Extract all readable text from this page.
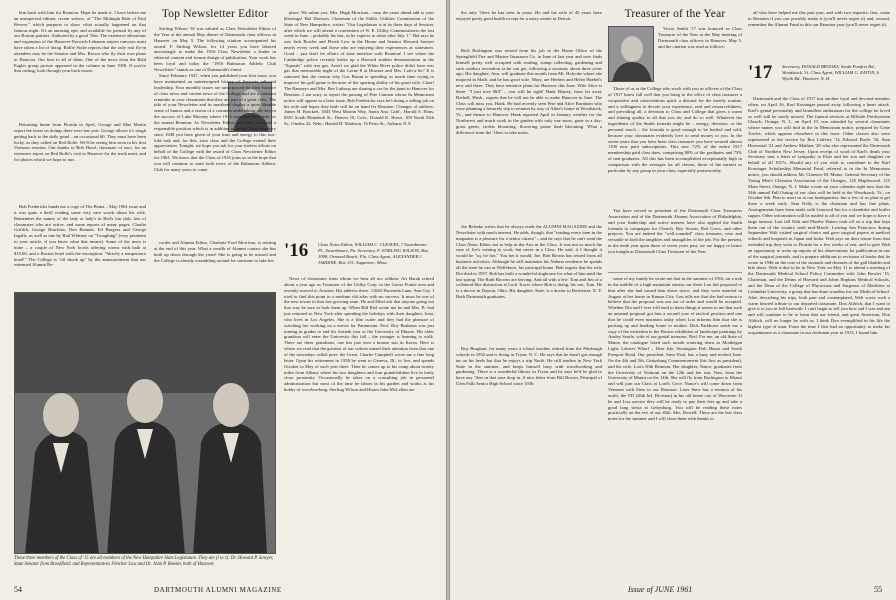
him back with him for Reunion. Hope he made it. I have before me an unexpected edition, recent writers, of "The Midnight Ride of Paul Revere," which purports to show what actually happened on that famous night. It's an amusing epic and available for perusal by any of our Boston patriots. Authored by a good '16er. The extensive alterations and expansion of the Hanover-Norwich-Lebanon airport runways must have taken a lot of doing. Rollie Stoke reports that the only real fly-in attendees may be the Senator and Mrs. Brown who fly their own plane to Hanover. Our best to all of them. One of the news from the Bald Eagles group picture appeared in the column in June 1958. If you've that cutting, look through your back issues.

Returning home from Florida in April, George and Mae Martin report the latest on doings there over last year. George allows it's tough getting back to the daily grind – an occasional 60. They must have been lucky, as they called on Red Rolfe. We'll be seeing him soon in his first Vermont reunion. Our thanks to Bob Hood, classmate of ours, for an extensive report on Red Rolfe's visit to Hanover for the track meet, and for photos which we hope to run.

Bob Fredericks hands me a copy of The Bema – May 1961 issue and it was quite a thrill reading some very nice words about his wife. Remember the names of the lady or lady's in Red's fan club, lots of classmates who are active, and some reports of many pages. Charlie Griffith, George Hutchins, Don Bennett, Ed Burgess and George Ingalls, as well as one by Bud Whitney on "Troughing" (very pertinent to your article, if you know what that means). Some of the news is mine – a couple of New York locals offering rooms with bath at $10.00, and a Boston hotel with the inscription: "Strictly a temperance hotel!" The College is "all shook up" by the announcement that our esteemed Alumni Re-

corder and Alumni Editor, Charlotte Ford Morrison, is retiring at the end of this year. What a wealth of Alumni contact she has built up down through the years! She is going to be missed and the College is already scrambling around for someone to take her

Top Newsletter Editor

Stirling Wilson '16 was saluted as Class Newsletter Editor of the Year at the annual May dinner of Dartmouth class officers in Hanover on May 5. The following citation accompanied his award: F. Stirling Wilson, for 14 years you have labored unceasingly to make the 1916 Class Newsletter a leader in editorial content and format design of publication. Your work has been loyal and today the "1916 Bulmacan Athletic Club Newsletter" stands as one of Dartmouth's finest.

Since February 1947, when you published your first issue, you have maintained an uninterrupted history of first-rate editorial leadership. Your monthly issues are unsurpassed for their balance of class news and current news of the College and are a constant reminder to your classmates that they are part of a great class. The title of your Newsletter and its masthead display a quiet likeable sense of humor and a vision of a common undertaking: the key to the success of Lake Mooney where 1916 members have met for the annual Reunion. As Newsletter Editor, you have assumed a responsible position which is in addition to being Class Secretary since 1948 you have given of your time and energy to this two-fold task and, for this, your class and the College extend their appreciation. Tonight, we hope you ask for your tireless efforts on behalf of the College with the award of Class Newsletter Editor for 1961. We know that the Class of 1916 joins us in the hope that you will continue to send forth news of the Bulmacan Athletic Club for many years to come.

place. We salute you, Mrs. Hugh Morrison – may the years ahead add to your blessings! Hal Davison, Chairman of the Public Utilities Commission of the State of New Hampshire, writes: "Our Legislature is at its three days of Session, after which we will attend a convention of N. E. Utility Commissioners the last week in June – probably his last, as he expects to retire after July 1." Hal says he saw Jack Bowler and Fletch Low in the House and Senator Howard Sawyer nearly every week and those who are enjoying their experiences as statesmen. Good – just don't let affairs of state interfere with Reunion! I see where the Cambridge police recently broke up a Harvard student demonstration in the "Squeals" with tear gas. Aren't we glad the White River police didn't have tear gas that memorable night of the Lorne 8 at Hosmer and Mrs. Loth-a-lot? It is rumored that the reason why Gus Bruun is spending so much time trying to improve his golf game is because of the sporting ability of his good wife, Clara! The Ramseys and Mrs. Bev Lathrop are sharing a car for the jaunt to Hanover for Reunion. I am sorry to report the passing of Pete Cannon whose In Memoriam notice will appear in a later issue. Bob Fredericks says he's doing a selling job on his wife and hopes they both will be on hand for Reunion. Changes of address: James H. Brackett, 1843 West Marion Way, Santa Ana, Calif.; Harold S. Elms, 8391 South Rhinebolt St., Denver 10, Colo.; Donald K. Howe, 109 North 55th St., Omaha 32, Nebr.; Harold H. Mattison, 16 Petro St., Auburn, N.Y.

'16 Class Notes Editor, WILLIAM C. CLEAVES, 7 Swarthmore Pl., Swarthmore, Pa. Secretary, F. STIRLING WILSON, Box 1998, Ormond Beach, Fla. Class Agent, ALEXANDER J. JARDINE, Box 131, Sagamore, Mass.

News of classmates from whom we hear all too seldom: Art Barak retired about a year ago as Treasurer of the Utility Corp. in the Goose Pointe area and recently moved to Arizona. His address there: 11663 Hacienda Lane, Sun City. I tried to find this point in a medium old atlas with no success. It must be one of the new towns in that fast growing state. He and Ethel ask that anyone going out that way be sure to look them up. When Bill Biel wrote me he and Mrs. B. had just returned to New York after spending the holidays with their daughter, Joan, who lives in Los Angeles. She is a film cutter and they had the pleasure of watching her working on a movie for Paramount. Prof. Roy Brahams was just turning in grades to end his fortieth year at the University of Illinois. His older grandson will enter the University this fall – the younger is learning to walk. There are three grandsons, one has just won a bronze star in Korea. Here is where we read that the greatest of our writers turned their attention from that one of the nowadays called poet: the Great. Charlie Campbell wrote me a fine long letter. Upon his retirement in 1958 he went to Geneva, Ill., to live, and spends October to May of each year there. Then he comes up to his camp about twenty miles from Albany where his two daughters and four grandchildren live in fairly close proximity. Occasionally he takes on a consulting job in personnel administration but most of the time he labors in his garden and works at his hobby of woodworking. Sterling Wilson and Hiram John McLellan are

These three members of the Class of '15 are all members of the New Hampshire State Legislature. They are (l to r): Dr. Howard P. Sawyer, State Senator from Brookfield; and Representatives Fletcher Low and Dr. John P. Bowler, both of Hanover.
54	DARTMOUTH ALUMNI MAGAZINE

the only '16ers he has seen in years. He and his wife of 45 years have enjoyed pretty good health except for a nasty winter in Detroit.

Rich Burlington was retired from his job in the Home Office of the Springfield Fire and Marine Insurance Co. in June of last year and now finds himself pretty well occupied with reading, stamp collecting, gardening and such outdoor recreation as he can get, following a coronary about three years ago. His daughter, Ann, will graduate this month from Mt. Holyoke where she majored in Math. and he has good wife, Mary, are Herbert and Helen Haebel's new and there. They have tentative plans for Hanover this June. Wife Alice is there: "I just love Bill" – you will be right! Hank Blaney, from far away Bothell, Wash., regrets that he will not be able to make Hanover in June. The Class will miss you, Hank. He had recently seen Pete and Alice Burnham who were planning a leisurely trip to reunion by way of Aline's home in Woodstock, Vt., and thence to Hanover. Hank reported April in January weather for the Northwest and much work in the garden with only one snow, gone in a day: grass green, violets blooming, flowering prune bush blooming. What a difference from the '16ers to take notes.

Joe Belsake writes that he always reads the ALUMNI MAGAZINE and the Newsletter with much interest. He adds, though, that "reading every item in the magazine is a pleasure for a senior citizen" – and he says that he can't send the Class Notes Editor not to help in the Arts in the Class. It was not so much the ease of Joe's coming to work, but never in a Class. He said, if I thought it would be "sq. be fun." You bet it would, Joe. Bob Brown has retired from all business activities. Although he still maintains his Nahma residence he spends all the time he can at Wolfeboro, his principal home. Bob regrets that his wife Dot died in 1957. Bob has built a wonderful doghouse for what of him until the last spring. The Ruth Browns are leaving. And all with a few. Tom and Jim of a collateral-like distinction at Lock Tower where Bob is doing, his son, Tom. He is a doctor in Dayton, Ohio. His daughter, Kate, is a doctor in Rochester, N. Y. Both Dartmouth graduates.

Roy Burghart, for many years a school teacher, retired from the Pittsburgh schools in 1952 and is living in Tryon, N. C. He says that he hasn't got enough tar on his heels but that he enjoys a trip North. He still teaches in New York State in the summer, and keeps himself busy with woodworking and gardening. There is a wonderful library in Tryon and he says he'd be glad to have any '16er in that area drop in. A nice letter from Bill Brown, Principal of Glen Falls Senior High School since 1936.

Treasurer of the Year

Victor Smith '17 was honored as Class Treasurer of the Year at the May meeting of Dartmouth class officers in Hanover, May 5, and the citation was read as follows:

Those of us at the College who work with you as officers of the Class of 1917 know full well that you bring to the office of class treasurer a cooperative and conscientious spirit, a distaste for the merely routine, and a willingness to devote your experience, zeal and resourcefulness, and prevailing all, a devotion to Class and College that gives a warm and shining quality to all that you do, and do so well. Whatever the ingredients of the Smith formula might be – energy, devotion, or the personal touch – the formula is good enough to be bottled and sold, because your classmates evidently love to send money to you. In the seven years that you have been class treasurer you have secured almost 1100 new paid subscriptions. This new 72% of the entire 1917 membership paid class dues, comprising 80% of the graduates and 73% of non-graduates. All this has been accomplished exceptionally high in comparison with the averages for all classes, those of the earnest or particular by any group in your class, especially praiseworthy.

You have served as president of the Dartmouth Class Treasurers Association and of the Dartmouth Alumni Association of Philadelphia, and your leadership and active interest have also applied the Smith formula to campaigns for Church, Boy Scouts, Red Cross, and other projects. You are indeed the "well-rounded" class treasurer, wise and versatile in both the tangibles and intangibles of the job. For the present, in the tenth year upon those of seven years past, we are happy to honor you tonight as Dartmouth Class Treasurer of the Year.

some of my family he wrote me that in the summer of 1916, on a trek in the middle of a high mountain stream our there Lou hid proposed to him after she had turned him down twice, and they were married in August at her home in Kansas City. Lou tells me that she had reason to believe that the proposal was not out of order and would be accepted. Whether Dix and I ever will tend to these things it seems to me that such an unusual proposal got him a second year of tactical position and one that he could even maintain today when Lou informs him that she is packing up and heading home to mother. Dick Parkhurst sends me a copy of the invitation to the Boston exhibition of landscape paintings by Ansley Searle, wife of our genial treasurer, Rod. For me, an old State of Maine, the catalogue listed such mouth watering items as Monhegan Light, Lobster Wharf – Deer Isle, Stonington Fish House and South Freeport Road. Our president, Stew Paul, has a busy and invited June. On the 4th and 5th, Gettysburg Commencement (his first as president), and his wife, Lou's 50th Reunion. Her daughter, Nance, graduates from the University of Vermont on the 12th and her son, Tom, from the University of Miami on the 14th. She will fly from Burlington to Miami and will join our Class at Lord's Cove. Nance's will come down from Vermont with Stew to our Reunion. Later Stew has a reunion of his outfit, the YD (26th Inf. Division) in his old home city of Worcester. If he and Lou survive they will be ready to pay their feet up and take a good long siesta at Gettysburg. You will be reading these notes practically on the eve of our 45th. Mrs. Rowell: These are the last class notes for the summer and I will close them with thanks to

all who have helped me this past year, and with two requests: first, come to Reunion if you can possibly make it (you'll never regret it) and, second, remember the Alumni Fund in this our Reunion year (you'll never regret it).

'17 Secretary, DONALD BROOKS, South Pomfret Rd., Woodstock, Vt. Class Agent, WILLIAM G. EATON, 6 Wyeth Rd., Hanover, N. H.

Dartmouth and the Class of 1917 lost another loyal and devoted member when, on April 16, Karl Kossinger passed away following a heart attack. Karl's genial personality and boundless enthusiasm for the college he loved so well will be sorely missed. The funeral services at Hillside Presbyterian Church, Orange, N. J., on April 19, was attended by several classmates whose names you will find in the In Memoriam notice, prepared by Gene Towler, which appears elsewhere in this issue. Other classes also were represented at the service by Ros Lafferty '14, Edward Boyle '16, Stan Hoovestal '22 and Andrew Mathias '28 who also represented the Dartmouth Club of Northern New Jersey. Upon receipt of word of Karl's death your Secretary sent a letter of sympathy to Elsie and her son and daughter on behalf of all 1917s. Should any of you wish to contribute to the Karl Kossinger Scholarship Memorial Fund, referred to in the In Memoriam notice, you should address Mr. Clarence M. Mease, General Secretary of the Young Men's Christian Association of the Oranges, 125 Maplewood, 125 Main Street, Orange, N. J. Make a note on your calendar right now that the 54th annual Fall Outing of our class will be held at the Woodstock, Vt., on October 6th. Plan to meet us at our headquarters, but a few of us plan to get there a week early. Sam Kelly is the chairman and has fine plans. Arrangements have been made with Linwood Inn for a clambake and buffet supper. Other information will be mailed to all of you and we hope to have a large turnout. Last fall Walt and Phoebe Waters took off on a trip that kept them out of the country until mid-March. Leaving San Francisco during September Walt visited surgical clinics and gave surgical papers at medical schools and hospitals in Japan and India. Walt says on their return from that extended trip they went to Florida for a few weeks of rest, and to give Walt an opportunity to write up reports of his observations for publication in one of the surgical journals, and to prepare additions to revisions of books that he wrote in 1946 on the cure of the stomach and diseases of the gall bladder and bile ducts. Walt is due to be in New York on May 11 to attend a meeting of the Dartmouth Medical School Policy Committee with John Bowler '15, Chairman, and the Deans of Harvard and Johns Hopkins Medical Schools, and the Dean of the College of Physicians and Surgeons of Medicine at Columbia University, a group that has done wonders for our Medical School. After describing his trips, both past and contemplated, Walt wrote such a warm hearted tribute to our departed classmate, Don Aldrich, that I want to give it to you in full herewith: I can't begin to tell you how sad I was and am and will continue to be to learn that our friend, and great American, Don Aldrich, will no longer be with us. I think Don exemplified in his life the highest type of man. From the time I first had an opportunity to make his acquaintance as a classmate in our freshman year in 1913, I found him

Issue of JUNE 1961	55
